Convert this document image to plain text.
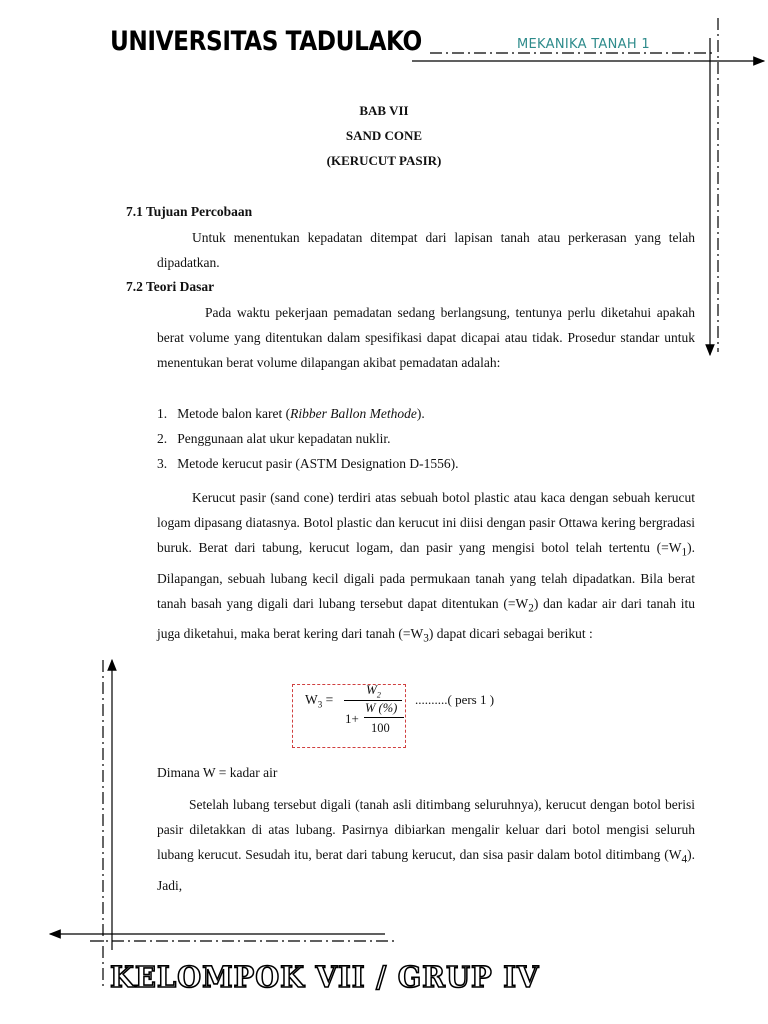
UNIVERSITAS TADULAKO	MEKANIKA TANAH 1
BAB VII
SAND CONE
(KERUCUT PASIR)
7.1 Tujuan Percobaan
Untuk menentukan kepadatan ditempat dari lapisan tanah atau perkerasan yang telah dipadatkan.
7.2 Teori Dasar
Pada waktu pekerjaan pemadatan sedang berlangsung, tentunya perlu diketahui apakah berat volume yang ditentukan dalam spesifikasi dapat dicapai atau tidak. Prosedur standar untuk menentukan berat volume dilapangan akibat pemadatan adalah:
1. Metode balon karet (Ribber Ballon Methode).
2. Penggunaan alat ukur kepadatan nuklir.
3. Metode kerucut pasir (ASTM Designation D-1556).
Kerucut pasir (sand cone) terdiri atas sebuah botol plastic atau kaca dengan sebuah kerucut logam dipasang diatasnya. Botol plastic dan kerucut ini diisi dengan pasir Ottawa kering bergradasi buruk. Berat dari tabung, kerucut logam, dan pasir yang mengisi botol telah tertentu $(=W_1)$. Dilapangan, sebuah lubang kecil digali pada permukaan tanah yang telah dipadatkan. Bila berat tanah basah yang digali dari lubang tersebut dapat ditentukan $(=W_2)$ dan kadar air dari tanah itu juga diketahui, maka berat kering dari tanah $(=W_3)$ dapat dicari sebagai berikut :
$W_3$ =
$W_2$
1+
W (%)
100
..........( pers 1 )
Dimana W = kadar air
Setelah lubang tersebut digali (tanah asli ditimbang seluruhnya), kerucut dengan botol berisi pasir diletakkan di atas lubang. Pasirnya dibiarkan mengalir keluar dari botol mengisi seluruh lubang kerucut. Sesudah itu, berat dari tabung kerucut, dan sisa pasir dalam botol ditimbang $(W_4)$. Jadi,
KELOMPOK VII / GRUP IV
